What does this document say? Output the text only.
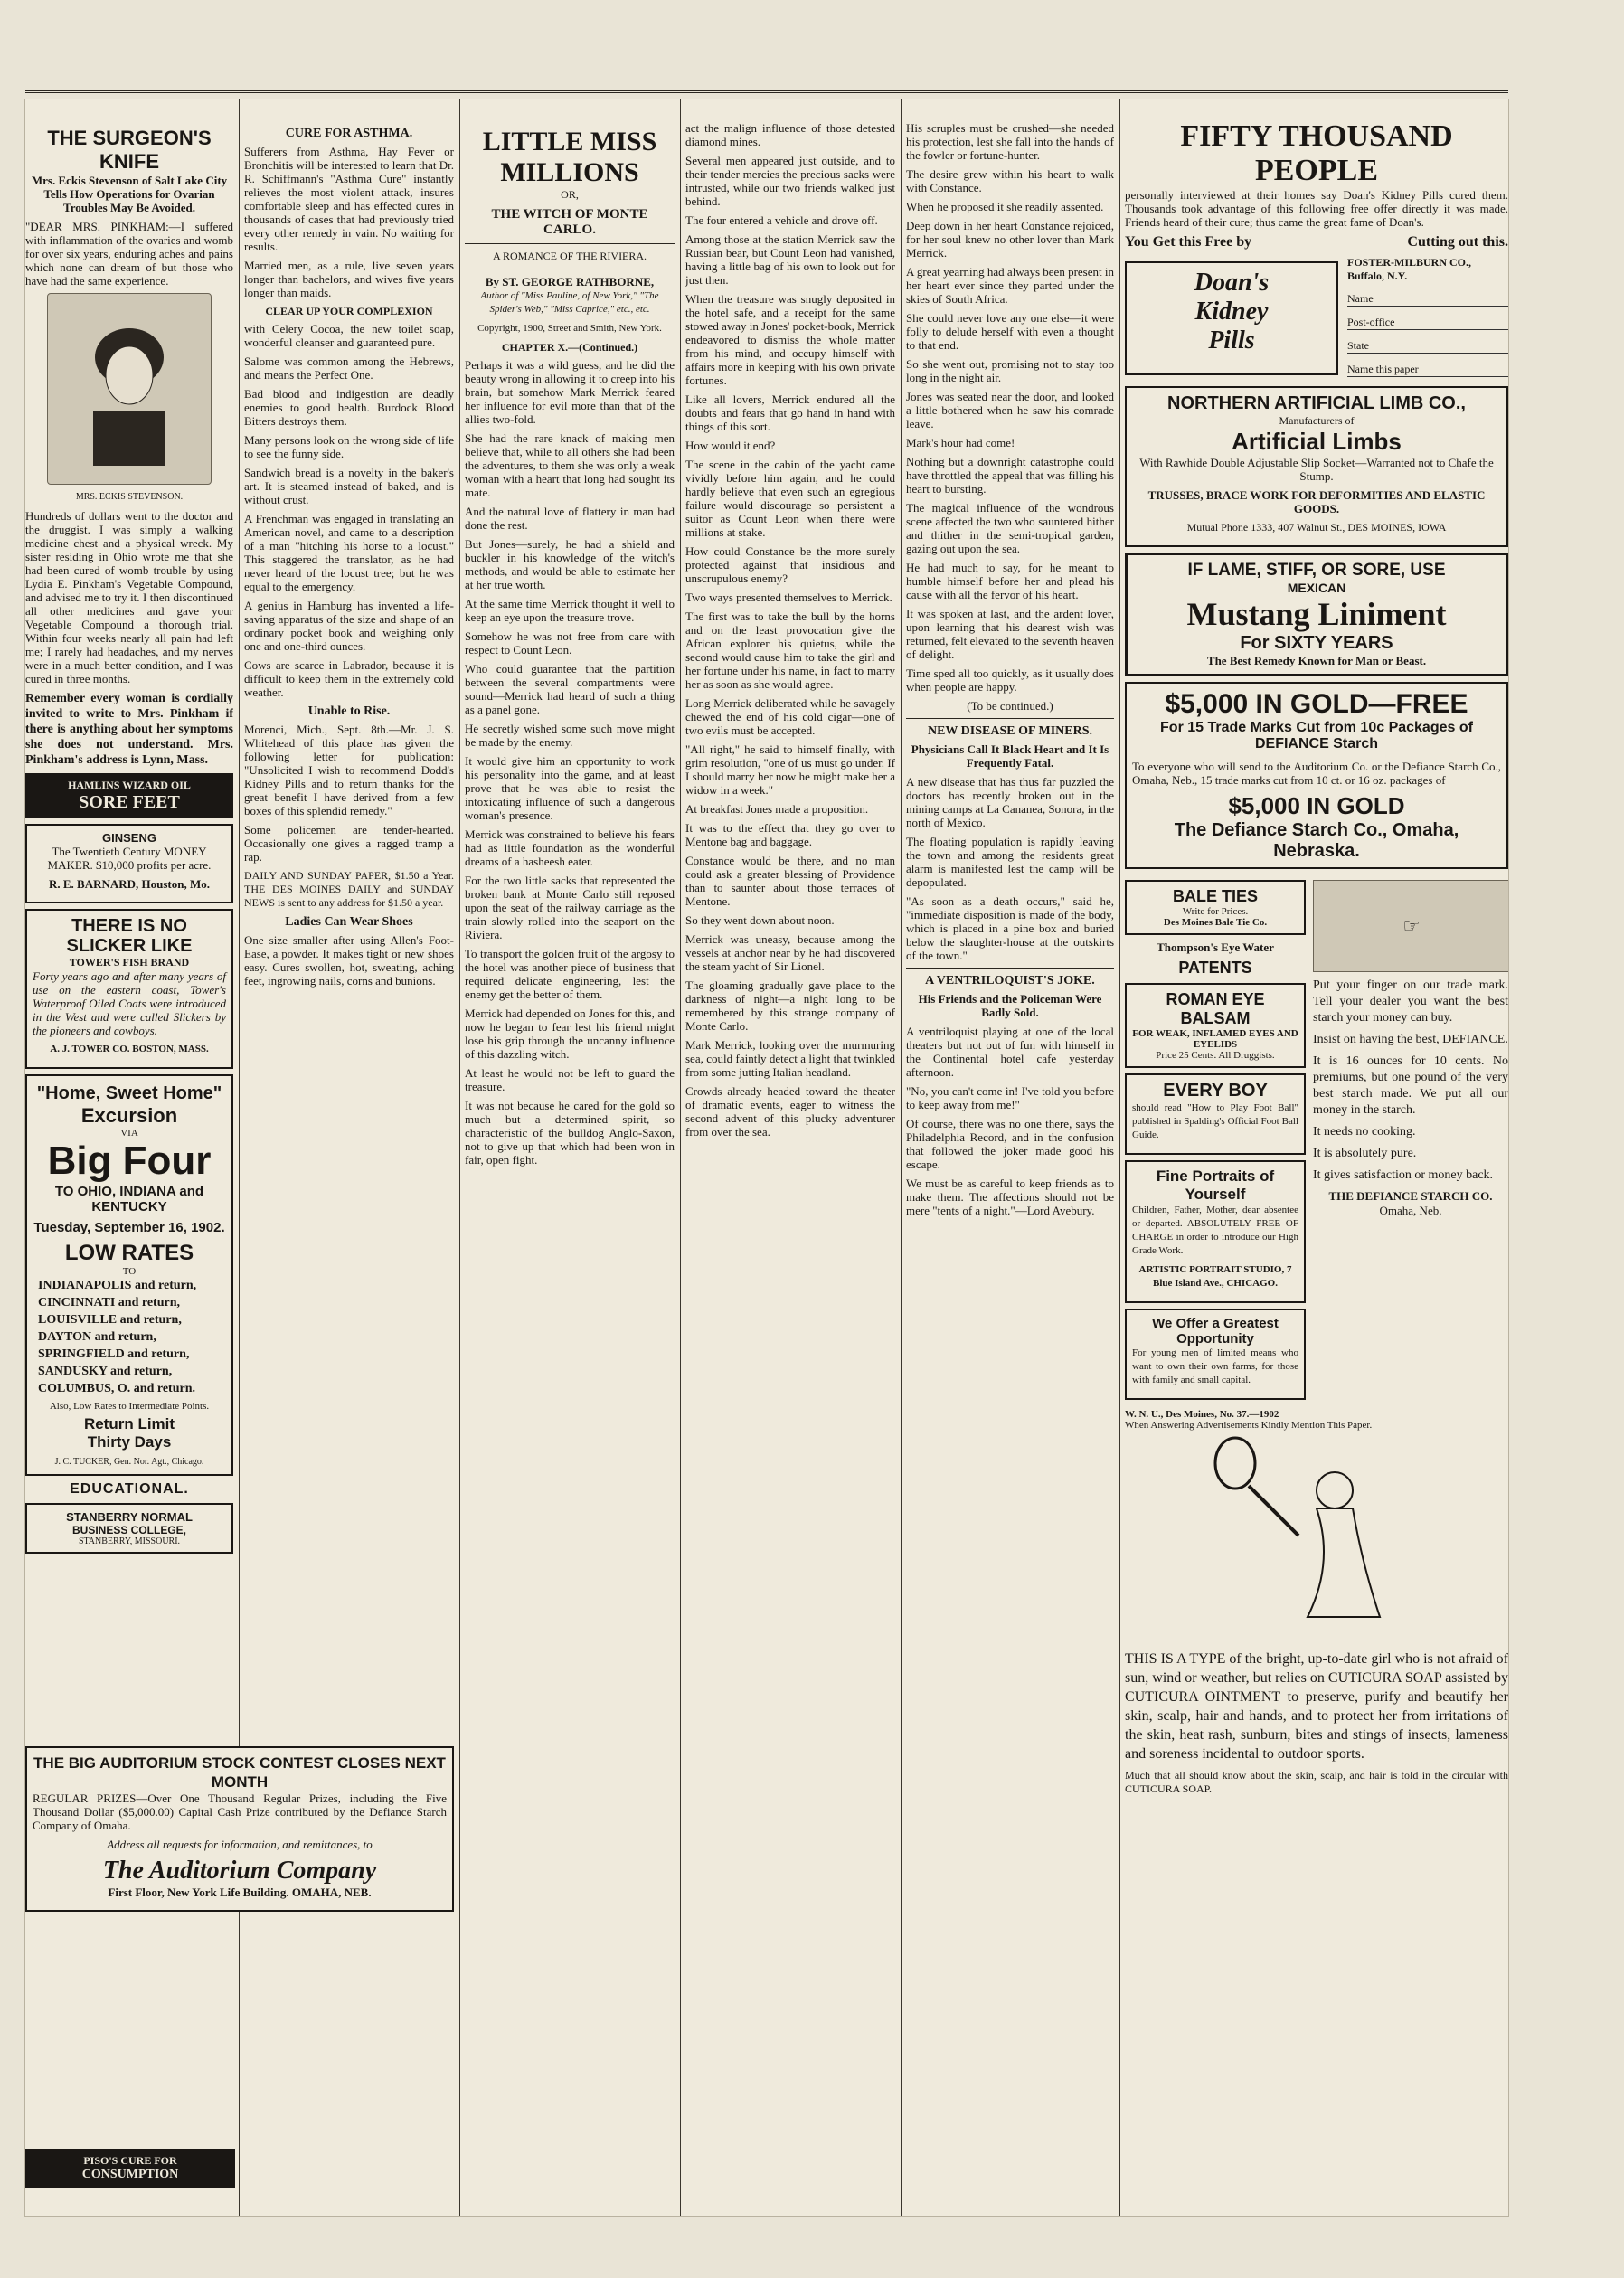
THE SURGEON'S KNIFE

Mrs. Eckis Stevenson of Salt Lake City Tells How Operations for Ovarian Troubles May Be Avoided.

"DEAR MRS. PINKHAM:—I suffered with inflammation of the ovaries and womb for over six years, enduring aches and pains which none can dream of but those who have had the same experience.

MRS. ECKIS STEVENSON.

Hundreds of dollars went to the doctor and the druggist. I was simply a walking medicine chest and a physical wreck. My sister residing in Ohio wrote me that she had been cured of womb trouble by using Lydia E. Pinkham's Vegetable Compound, and advised me to try it. I then discontinued all other medicines and gave your Vegetable Compound a thorough trial. Within four weeks nearly all pain had left me; I rarely had headaches, and my nerves were in a much better condition, and I was cured in three months.

Remember every woman is cordially invited to write to Mrs. Pinkham if there is anything about her symptoms she does not understand. Mrs. Pinkham's address is Lynn, Mass.

HAMLINS WIZARD OIL
SORE FEET
GINSENG

The Twentieth Century MONEY MAKER. $10,000 profits per acre.

R. E. BARNARD, Houston, Mo.

THERE IS NO SLICKER LIKE
TOWER'S FISH BRAND

Forty years ago and after many years of use on the eastern coast, Tower's Waterproof Oiled Coats were introduced in the West and were called Slickers by the pioneers and cowboys.

A. J. TOWER CO. BOSTON, MASS.

"Home, Sweet Home"
Excursion
VIA
Big Four
TO OHIO, INDIANA and KENTUCKY
Tuesday, September 16, 1902.
LOW RATES
TO
INDIANAPOLIS and return,
CINCINNATI and return,
LOUISVILLE and return,
DAYTON and return,
SPRINGFIELD and return,
SANDUSKY and return,
COLUMBUS, O. and return.
Also, Low Rates to Intermediate Points.
Return Limit
Thirty Days
J. C. TUCKER, Gen. Nor. Agt., Chicago.
EDUCATIONAL.
STANBERRY NORMAL
BUSINESS COLLEGE,
STANBERRY, MISSOURI.
THE BIG AUDITORIUM STOCK CONTEST CLOSES NEXT MONTH

REGULAR PRIZES—Over One Thousand Regular Prizes, including the Five Thousand Dollar ($5,000.00) Capital Cash Prize contributed by the Defiance Starch Company of Omaha.

Address all requests for information, and remittances, to

The Auditorium Company

First Floor, New York Life Building. OMAHA, NEB.

PISO'S CURE FOR
CONSUMPTION
CURE FOR ASTHMA.

Sufferers from Asthma, Hay Fever or Bronchitis will be interested to learn that Dr. R. Schiffmann's "Asthma Cure" instantly relieves the most violent attack, insures comfortable sleep and has effected cures in thousands of cases that had previously tried every other remedy in vain. No waiting for results.

Married men, as a rule, live seven years longer than bachelors, and wives five years longer than maids.

CLEAR UP YOUR COMPLEXION

with Celery Cocoa, the new toilet soap, wonderful cleanser and guaranteed pure.

Salome was common among the Hebrews, and means the Perfect One.

Bad blood and indigestion are deadly enemies to good health. Burdock Blood Bitters destroys them.

Many persons look on the wrong side of life to see the funny side.

Sandwich bread is a novelty in the baker's art. It is steamed instead of baked, and is without crust.

A Frenchman was engaged in translating an American novel, and came to a description of a man "hitching his horse to a locust." This staggered the translator, as he had never heard of the locust tree; but he was equal to the emergency.

A genius in Hamburg has invented a life-saving apparatus of the size and shape of an ordinary pocket book and weighing only one and one-third ounces.

Cows are scarce in Labrador, because it is difficult to keep them in the extremely cold weather.

Unable to Rise.

Morenci, Mich., Sept. 8th.—Mr. J. S. Whitehead of this place has given the following letter for publication: "Unsolicited I wish to recommend Dodd's Kidney Pills and to return thanks for the great benefit I have derived from a few boxes of this splendid remedy."

Some policemen are tender-hearted. Occasionally one gives a ragged tramp a rap.

DAILY AND SUNDAY PAPER, $1.50 a Year. THE DES MOINES DAILY and SUNDAY NEWS is sent to any address for $1.50 a year.

Ladies Can Wear Shoes

One size smaller after using Allen's Foot-Ease, a powder. It makes tight or new shoes easy. Cures swollen, hot, sweating, aching feet, ingrowing nails, corns and bunions.

LITTLE MISS MILLIONS
OR,
THE WITCH OF MONTE CARLO.
A ROMANCE OF THE RIVIERA.
By ST. GEORGE RATHBORNE,

Author of "Miss Pauline, of New York," "The Spider's Web," "Miss Caprice," etc., etc.

Copyright, 1900, Street and Smith, New York.

CHAPTER X.—(Continued.)

Perhaps it was a wild guess, and he did the beauty wrong in allowing it to creep into his brain, but somehow Mark Merrick feared her influence for evil more than that of the allies two-fold.

She had the rare knack of making men believe that, while to all others she had been the adventures, to them she was only a weak woman with a heart that long had sought its mate.

And the natural love of flattery in man had done the rest.

But Jones—surely, he had a shield and buckler in his knowledge of the witch's methods, and would be able to estimate her at her true worth.

At the same time Merrick thought it well to keep an eye upon the treasure trove.

Somehow he was not free from care with respect to Count Leon.

Who could guarantee that the partition between the several compartments were sound—Merrick had heard of such a thing as a panel gone.

He secretly wished some such move might be made by the enemy.

It would give him an opportunity to work his personality into the game, and at least prove that he was able to resist the intoxicating influence of such a dangerous woman's presence.

Merrick was constrained to believe his fears had as little foundation as the wonderful dreams of a hasheesh eater.

For the two little sacks that represented the broken bank at Monte Carlo still reposed upon the seat of the railway carriage as the train slowly rolled into the seaport on the Riviera.

To transport the golden fruit of the argosy to the hotel was another piece of business that required delicate engineering, lest the enemy get the better of them.

Merrick had depended on Jones for this, and now he began to fear lest his friend might lose his grip through the uncanny influence of this dazzling witch.

At least he would not be left to guard the treasure.

It was not because he cared for the gold so much but a determined spirit, so characteristic of the bulldog Anglo-Saxon, not to give up that which had been won in fair, open fight.

act the malign influence of those detested diamond mines.

Several men appeared just outside, and to their tender mercies the precious sacks were intrusted, while our two friends walked just behind.

The four entered a vehicle and drove off.

Among those at the station Merrick saw the Russian bear, but Count Leon had vanished, having a little bag of his own to look out for just then.

When the treasure was snugly deposited in the hotel safe, and a receipt for the same stowed away in Jones' pocket-book, Merrick endeavored to dismiss the whole matter from his mind, and occupy himself with affairs more in keeping with his own private fortunes.

Like all lovers, Merrick endured all the doubts and fears that go hand in hand with things of this sort.

How would it end?

The scene in the cabin of the yacht came vividly before him again, and he could hardly believe that even such an egregious failure would discourage so persistent a suitor as Count Leon when there were millions at stake.

How could Constance be the more surely protected against that insidious and unscrupulous enemy?

Two ways presented themselves to Merrick.

The first was to take the bull by the horns and on the least provocation give the African explorer his quietus, while the second would cause him to take the girl and her fortune under his name, in fact to marry her as soon as she would agree.

Long Merrick deliberated while he savagely chewed the end of his cold cigar—one of two evils must be accepted.

"All right," he said to himself finally, with grim resolution, "one of us must go under. If I should marry her now he might make her a widow in a week."

At breakfast Jones made a proposition.

It was to the effect that they go over to Mentone bag and baggage.

Constance would be there, and no man could ask a greater blessing of Providence than to saunter about those terraces of Mentone.

So they went down about noon.

Merrick was uneasy, because among the vessels at anchor near by he had discovered the steam yacht of Sir Lionel.

The gloaming gradually gave place to the darkness of night—a night long to be remembered by this strange company of Monte Carlo.

Mark Merrick, looking over the murmuring sea, could faintly detect a light that twinkled from some jutting Italian headland.

Crowds already headed toward the theater of dramatic events, eager to witness the second advent of this plucky adventurer from over the sea.

His scruples must be crushed—she needed his protection, lest she fall into the hands of the fowler or fortune-hunter.

The desire grew within his heart to walk with Constance.

When he proposed it she readily assented.

Deep down in her heart Constance rejoiced, for her soul knew no other lover than Mark Merrick.

A great yearning had always been present in her heart ever since they parted under the skies of South Africa.

She could never love any one else—it were folly to delude herself with even a thought to that end.

So she went out, promising not to stay too long in the night air.

Jones was seated near the door, and looked a little bothered when he saw his comrade leave.

Mark's hour had come!

Nothing but a downright catastrophe could have throttled the appeal that was filling his heart to bursting.

The magical influence of the wondrous scene affected the two who sauntered hither and thither in the semi-tropical garden, gazing out upon the sea.

He had much to say, for he meant to humble himself before her and plead his cause with all the fervor of his heart.

It was spoken at last, and the ardent lover, upon learning that his dearest wish was returned, felt elevated to the seventh heaven of delight.

Time sped all too quickly, as it usually does when people are happy.

(To be continued.)

NEW DISEASE OF MINERS.

Physicians Call It Black Heart and It Is Frequently Fatal.

A new disease that has thus far puzzled the doctors has recently broken out in the mining camps at La Cananea, Sonora, in the north of Mexico.

The floating population is rapidly leaving the town and among the residents great alarm is manifested lest the camp will be depopulated.

"As soon as a death occurs," said he, "immediate disposition is made of the body, which is placed in a pine box and buried below the slaughter-house at the outskirts of the town."

A VENTRILOQUIST'S JOKE.

His Friends and the Policeman Were Badly Sold.

A ventriloquist playing at one of the local theaters but not out of fun with himself in the Continental hotel cafe yesterday afternoon.

"No, you can't come in! I've told you before to keep away from me!"

Of course, there was no one there, says the Philadelphia Record, and in the confusion that followed the joker made good his escape.

We must be as careful to keep friends as to make them. The affections should not be mere "tents of a night."—Lord Avebury.

FIFTY THOUSAND PEOPLE

personally interviewed at their homes say Doan's Kidney Pills cured them. Thousands took advantage of this following free offer directly it was made. Friends heard of their cure; thus came the great fame of Doan's.

You Get this Free by	Cutting out this.
Doan's
Kidney
Pills
FOSTER-MILBURN CO., Buffalo, N.Y.
Name
Post-office
State
Name this paper
NORTHERN ARTIFICIAL LIMB CO.,
Manufacturers of
Artificial Limbs

With Rawhide Double Adjustable Slip Socket—Warranted not to Chafe the Stump.

TRUSSES, BRACE WORK FOR DEFORMITIES AND ELASTIC GOODS.

Mutual Phone 1333, 407 Walnut St., DES MOINES, IOWA

IF LAME, STIFF, OR SORE, USE
MEXICAN
Mustang Liniment
For SIXTY YEARS
The Best Remedy Known for Man or Beast.
$5,000 IN GOLD—FREE
For 15 Trade Marks Cut from 10c Packages of DEFIANCE Starch

To everyone who will send to the Auditorium Co. or the Defiance Starch Co., Omaha, Neb., 15 trade marks cut from 10 ct. or 16 oz. packages of

$5,000 IN GOLD
The Defiance Starch Co., Omaha, Nebraska.
BALE TIES
Write for Prices.
Des Moines Bale Tie Co.
Thompson's Eye Water
PATENTS
ROMAN EYE BALSAM
FOR WEAK, INFLAMED EYES AND EYELIDS
Price 25 Cents. All Druggists.
EVERY BOY

should read "How to Play Foot Ball" published in Spalding's Official Foot Ball Guide.

Fine Portraits of Yourself

Children, Father, Mother, dear absentee or departed. ABSOLUTELY FREE OF CHARGE in order to introduce our High Grade Work.

ARTISTIC PORTRAIT STUDIO, 7 Blue Island Ave., CHICAGO.

We Offer a Greatest Opportunity

For young men of limited means who want to own their own farms, for those with family and small capital.

☞

Put your finger on our trade mark. Tell your dealer you want the best starch your money can buy.

Insist on having the best, DEFIANCE.

It is 16 ounces for 10 cents. No premiums, but one pound of the very best starch made. We put all our money in the starch.

It needs no cooking.

It is absolutely pure.

It gives satisfaction or money back.

THE DEFIANCE STARCH CO.
Omaha, Neb.
W. N. U., Des Moines, No. 37.—1902
When Answering Advertisements Kindly Mention This Paper.

THIS IS A TYPE of the bright, up-to-date girl who is not afraid of sun, wind or weather, but relies on CUTICURA SOAP assisted by CUTICURA OINTMENT to preserve, purify and beautify her skin, scalp, hair and hands, and to protect her from irritations of the skin, heat rash, sunburn, bites and stings of insects, lameness and soreness incidental to outdoor sports.

Much that all should know about the skin, scalp, and hair is told in the circular with CUTICURA SOAP.
